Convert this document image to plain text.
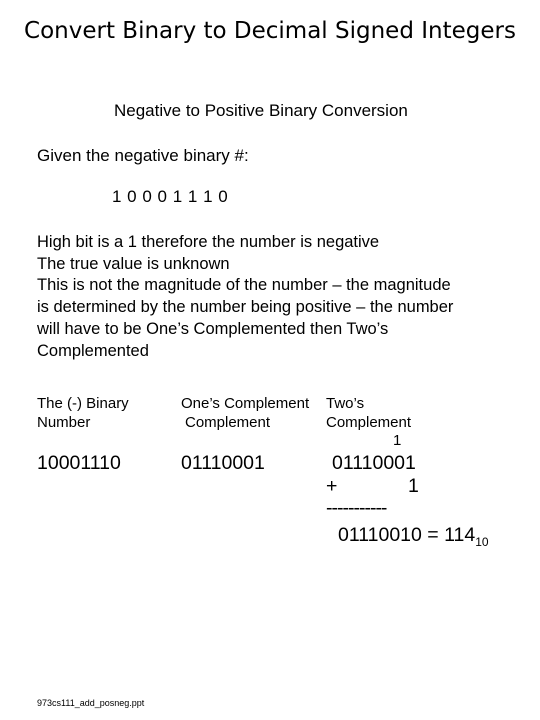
Convert Binary to Decimal Signed Integers
Negative to Positive Binary Conversion
Given the negative binary #:
1 0 0 0 1 1 1 0
High bit is a 1 therefore the number is negative
The true value is unknown
This is not the magnitude of the number – the magnitude
is determined by the number being positive – the number
will have to be One’s Complemented then Two’s
Complemented
The (-) Binary
Number
10001110
One’s Complement
Complement
01110001
Two’s
Complement
1
01110001
+	1
-----------
$01110010 = 114_{10}$
973cs111_add_posneg.ppt
